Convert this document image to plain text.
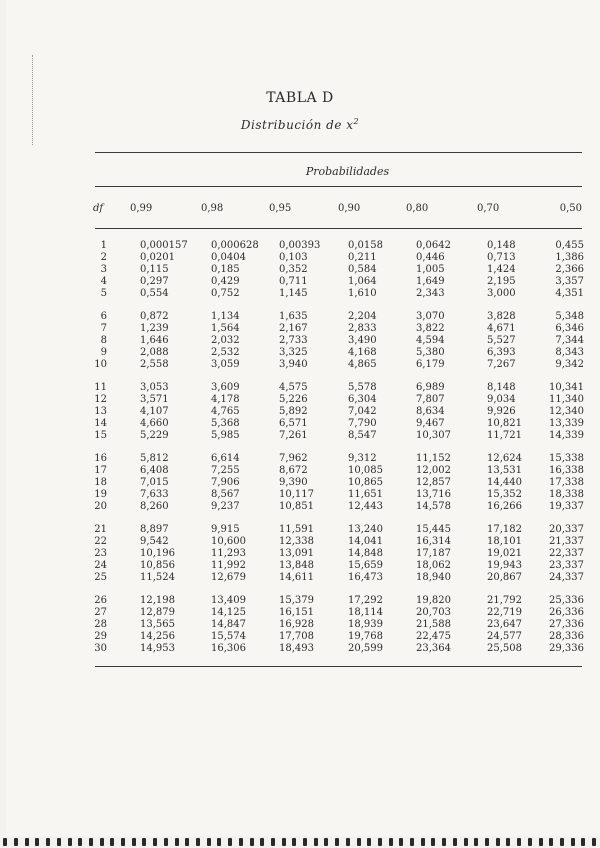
TABLA D
Distribución de $x^2$
Probabilidades
df	0,99	0,98	0,95	0,90	0,80	0,70	0,50
1	0,000157 0,000628 0,00393	0,0158	0,0642	0,148	0,455
2	0,0201	0,0404	0,103	0,211	0,446	0,713	1,386
3	0,115	0,185	0,352	0,584	1,005	1,424	2,366
4	0,297	0,429	0,711	1,064	1,649	2,195	3,357
5	0,554	0,752	1,145	1,610	2,343	3,000	4,351
6	0,872	1,134	1,635	2,204	3,070	3,828	5,348
7	1,239	1,564	2,167	2,833	3,822	4,671	6,346
8	1,646	2,032	2,733	3,490	4,594	5,527	7,344
9	2,088	2,532	3,325	4,168	5,380	6,393	8,343
10	2,558	3,059	3,940	4,865	6,179	7,267	9,342
11	3,053	3,609	4,575	5,578	6,989	8,148	10,341
12	3,571	4,178	5,226	6,304	7,807	9,034	11,340
13	4,107	4,765	5,892	7,042	8,634	9,926	12,340
14	4,660	5,368	6,571	7,790	9,467	10,821	13,339
15	5,229	5,985	7,261	8,547	10,307	11,721	14,339
16	5,812	6,614	7,962	9,312	11,152	12,624	15,338
17	6,408	7,255	8,672	10,085	12,002	13,531	16,338
18	7,015	7,906	9,390	10,865	12,857	14,440	17,338
19	7,633	8,567	10,117	11,651	13,716	15,352	18,338
20	8,260	9,237	10,851	12,443	14,578	16,266	19,337
21	8,897	9,915	11,591	13,240	15,445	17,182	20,337
22	9,542	10,600	12,338	14,041	16,314	18,101	21,337
23	10,196	11,293	13,091	14,848	17,187	19,021	22,337
24	10,856	11,992	13,848	15,659	18,062	19,943	23,337
25	11,524	12,679	14,611	16,473	18,940	20,867	24,337
26	12,198	13,409	15,379	17,292	19,820	21,792	25,336
27	12,879	14,125	16,151	18,114	20,703	22,719	26,336
28	13,565	14,847	16,928	18,939	21,588	23,647	27,336
29	14,256	15,574	17,708	19,768	22,475	24,577	28,336
30	14,953	16,306	18,493	20,599	23,364	25,508	29,336
